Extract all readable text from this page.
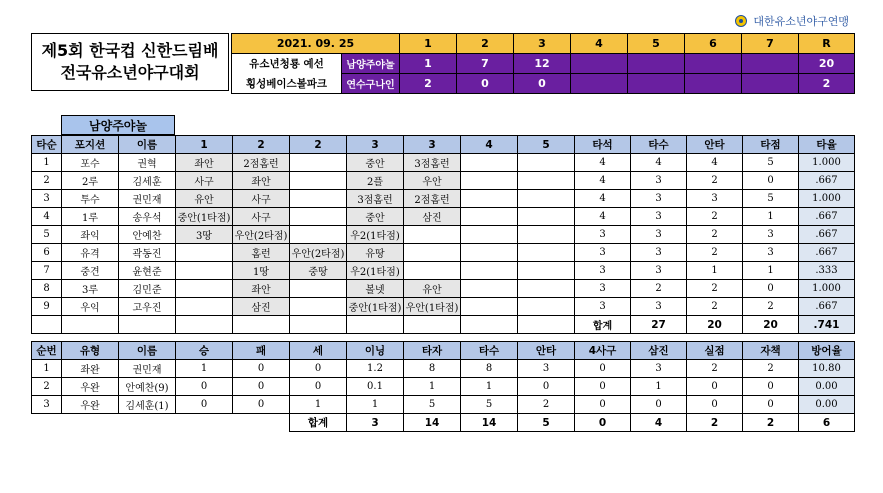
대한유소년야구연맹
제5회 한국컵 신한드림배
전국유소년야구대회
2021. 09. 25		1	2	3	4	5	6	7	R
유소년청룡 예선	남양주야놀	1	7	12					20
횡성베이스볼파크	연수구나인	2	0	0					2
남양주야놀
타순	포지션	이름	1	2	2	3	3	4	5	타석	타수	안타	타점	타율
1	포수	권혁	좌안	2점홈런		중안	3점홈런			4	4	4	5	1.000
2	2루	김세훈	사구	좌안		2플	우안			4	3	2	0	.667
3	투수	권민재	유안	사구		3점홈런	2점홈런			4	3	3	5	1.000
4	1루	송우석	중안(1타점)	사구		중안	삼진			4	3	2	1	.667
5	좌익	안예찬	3땅	우안(2타점)		우2(1타점)				3	3	2	3	.667
6	유격	곽동진		홈런	우안(2타점)	유땅				3	3	2	3	.667
7	중견	윤현준		1땅	중땅	우2(1타점)				3	3	1	1	.333
8	3루	김민준		좌안		볼넷	유안			3	2	2	0	1.000
9	우익	고우진		삼진		중안(1타점)	우안(1타점)			3	3	2	2	.667
										합계	27	20	20	.741
순번	유형	이름	승	패	세	이닝	타자	타수	안타	4사구	삼진	실점	자책	방어율
1	좌완	권민재	1	0	0	1.2	8	8	3	0	3	2	2	10.80
2	우완	안예찬(9)	0	0	0	0.1	1	1	0	0	1	0	0	0.00
3	우완	김세훈(1)	0	0	1	1	5	5	2	0	0	0	0	0.00
					합계	3	14	14	5	0	4	2	2	6
